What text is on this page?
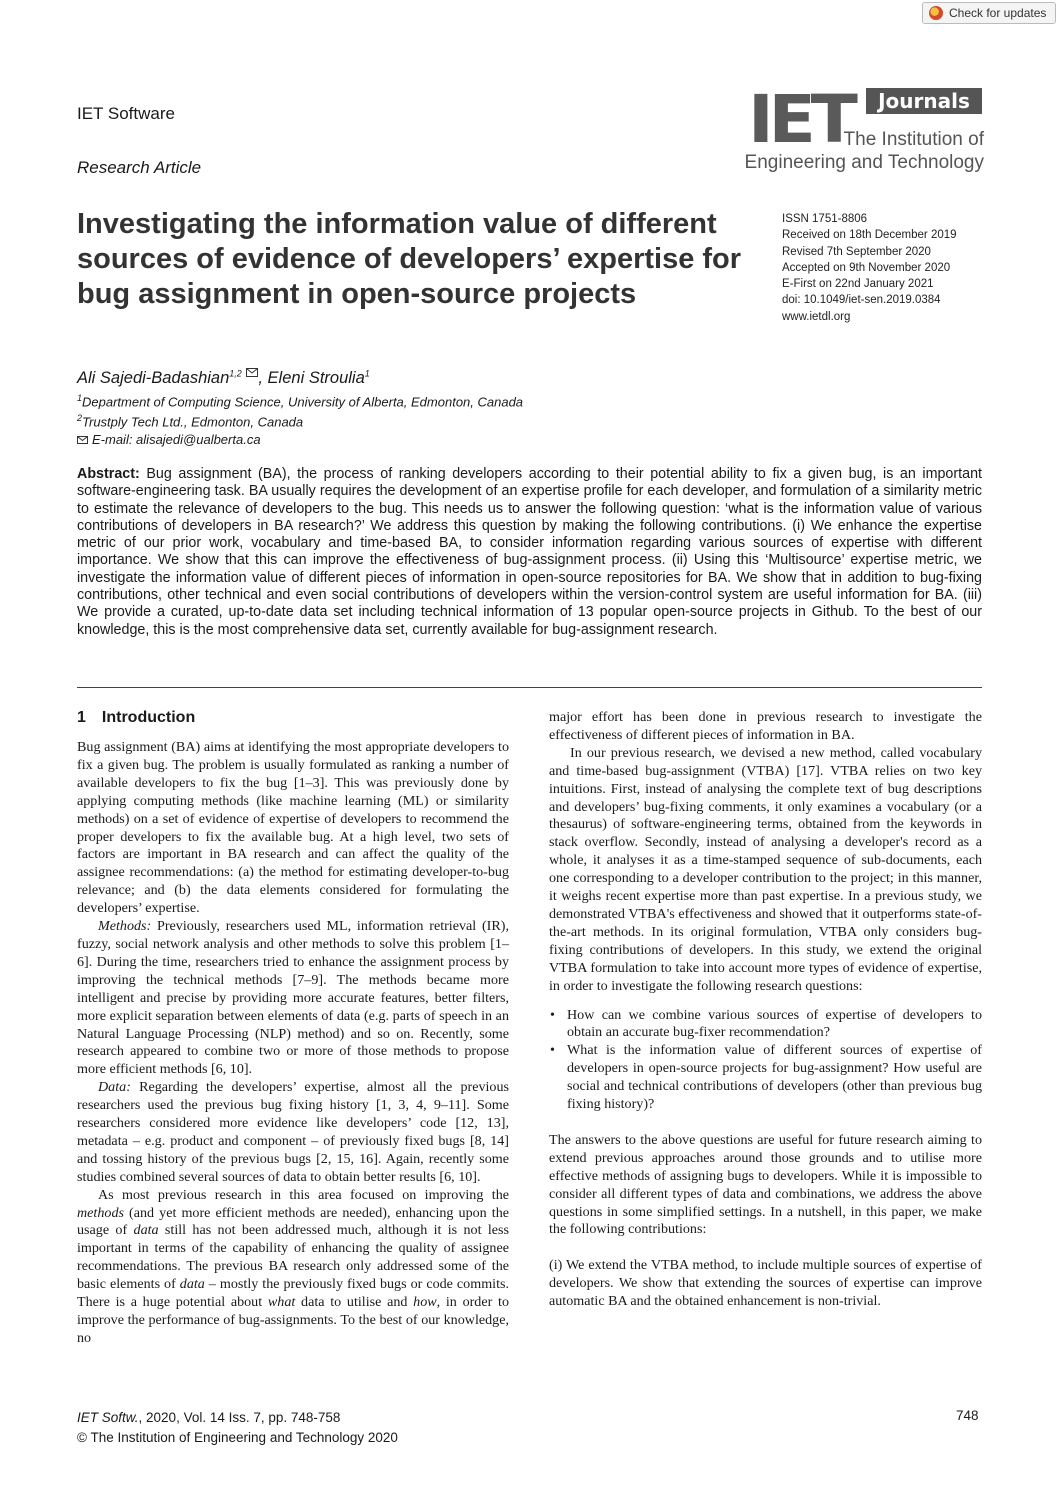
Check for updates
IET Software
Research Article
IET	Journals
The Institution of
Engineering and Technology
Investigating the information value of different sources of evidence of developers’ expertise for bug assignment in open-source projects
ISSN 1751-8806
Received on 18th December 2019
Revised 7th September 2020
Accepted on 9th November 2020
E-First on 22nd January 2021
doi: 10.1049/iet-sen.2019.0384
www.ietdl.org
Ali Sajedi-Badashian$^{1,2}$ , Eleni Stroulia$^1$
$^1$Department of Computing Science, University of Alberta, Edmonton, Canada
$^2$Trustply Tech Ltd., Edmonton, Canada
E-mail: alisajedi@ualberta.ca
Abstract: Bug assignment (BA), the process of ranking developers according to their potential ability to fix a given bug, is an important software-engineering task. BA usually requires the development of an expertise profile for each developer, and formulation of a similarity metric to estimate the relevance of developers to the bug. This needs us to answer the following question: ‘what is the information value of various contributions of developers in BA research?’ We address this question by making the following contributions. (i) We enhance the expertise metric of our prior work, vocabulary and time-based BA, to consider information regarding various sources of expertise with different importance. We show that this can improve the effectiveness of bug-assignment process. (ii) Using this ‘Multisource’ expertise metric, we investigate the information value of different pieces of information in open-source repositories for BA. We show that in addition to bug-fixing contributions, other technical and even social contributions of developers within the version-control system are useful information for BA. (iii) We provide a curated, up-to-date data set including technical information of 13 popular open-source projects in Github. To the best of our knowledge, this is the most comprehensive data set, currently available for bug-assignment research.
1 Introduction

Bug assignment (BA) aims at identifying the most appropriate developers to fix a given bug. The problem is usually formulated as ranking a number of available developers to fix the bug [1–3]. This was previously done by applying computing methods (like machine learning (ML) or similarity methods) on a set of evidence of expertise of developers to recommend the proper developers to fix the available bug. At a high level, two sets of factors are important in BA research and can affect the quality of the assignee recommendations: (a) the method for estimating developer-to-bug relevance; and (b) the data elements considered for formulating the developers’ expertise.

Methods: Previously, researchers used ML, information retrieval (IR), fuzzy, social network analysis and other methods to solve this problem [1–6]. During the time, researchers tried to enhance the assignment process by improving the technical methods [7–9]. The methods became more intelligent and precise by providing more accurate features, better filters, more explicit separation between elements of data (e.g. parts of speech in an Natural Language Processing (NLP) method) and so on. Recently, some research appeared to combine two or more of those methods to propose more efficient methods [6, 10].

Data: Regarding the developers’ expertise, almost all the previous researchers used the previous bug fixing history [1, 3, 4, 9–11]. Some researchers considered more evidence like developers’ code [12, 13], metadata – e.g. product and component – of previously fixed bugs [8, 14] and tossing history of the previous bugs [2, 15, 16]. Again, recently some studies combined several sources of data to obtain better results [6, 10].

As most previous research in this area focused on improving the methods (and yet more efficient methods are needed), enhancing upon the usage of data still has not been addressed much, although it is not less important in terms of the capability of enhancing the quality of assignee recommendations. The previous BA research only addressed some of the basic elements of data – mostly the previously fixed bugs or code commits. There is a huge potential about what data to utilise and how, in order to improve the performance of bug-assignments. To the best of our knowledge, no

major effort has been done in previous research to investigate the effectiveness of different pieces of information in BA.

In our previous research, we devised a new method, called vocabulary and time-based bug-assignment (VTBA) [17]. VTBA relies on two key intuitions. First, instead of analysing the complete text of bug descriptions and developers’ bug-fixing comments, it only examines a vocabulary (or a thesaurus) of software-engineering terms, obtained from the keywords in stack overflow. Secondly, instead of analysing a developer's record as a whole, it analyses it as a time-stamped sequence of sub-documents, each one corresponding to a developer contribution to the project; in this manner, it weighs recent expertise more than past expertise. In a previous study, we demonstrated VTBA's effectiveness and showed that it outperforms state-of-the-art methods. In its original formulation, VTBA only considers bug-fixing contributions of developers. In this study, we extend the original VTBA formulation to take into account more types of evidence of expertise, in order to investigate the following research questions:

• How can we combine various sources of expertise of developers to obtain an accurate bug-fixer recommendation?
• What is the information value of different sources of expertise of developers in open-source projects for bug-assignment? How useful are social and technical contributions of developers (other than previous bug fixing history)?

The answers to the above questions are useful for future research aiming to extend previous approaches around those grounds and to utilise more effective methods of assigning bugs to developers. While it is impossible to consider all different types of data and combinations, we address the above questions in some simplified settings. In a nutshell, in this paper, we make the following contributions:

(i) We extend the VTBA method, to include multiple sources of expertise of developers. We show that extending the sources of expertise can improve automatic BA and the obtained enhancement is non-trivial.

IET Softw., 2020, Vol. 14 Iss. 7, pp. 748-758
© The Institution of Engineering and Technology 2020
748
